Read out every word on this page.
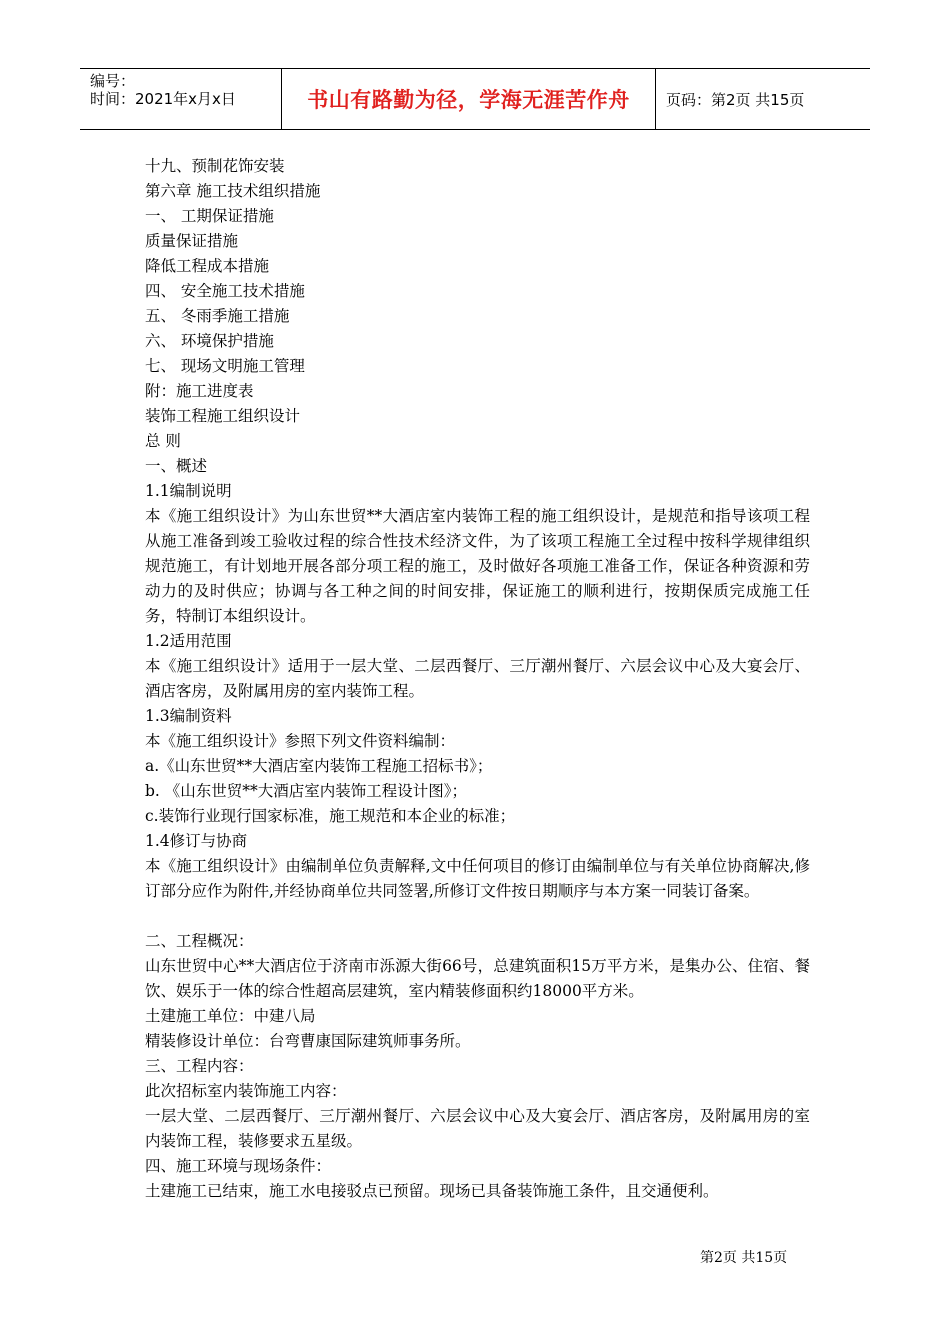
编号：
时间：2021年x月x日	书山有路勤为径，学海无涯苦作舟	页码：第2页 共15页

十九、预制花饰安装

第六章 施工技术组织措施

一、 工期保证措施

质量保证措施

降低工程成本措施

四、 安全施工技术措施

五、 冬雨季施工措施

六、 环境保护措施

七、 现场文明施工管理

附：施工进度表

装饰工程施工组织设计

总 则

一、概述

1.1编制说明

本《施工组织设计》为山东世贸**大酒店室内装饰工程的施工组织设计，是规范和指导该项工程从施工准备到竣工验收过程的综合性技术经济文件，为了该项工程施工全过程中按科学规律组织规范施工，有计划地开展各部分项工程的施工，及时做好各项施工准备工作，保证各种资源和劳动力的及时供应；协调与各工种之间的时间安排，保证施工的顺利进行，按期保质完成施工任务，特制订本组织设计。

1.2适用范围

本《施工组织设计》适用于一层大堂、二层西餐厅、三厅潮州餐厅、六层会议中心及大宴会厅、酒店客房，及附属用房的室内装饰工程。

1.3编制资料

本《施工组织设计》参照下列文件资料编制：

a.《山东世贸**大酒店室内装饰工程施工招标书》；

b. 《山东世贸**大酒店室内装饰工程设计图》；

c.装饰行业现行国家标准，施工规范和本企业的标准；

1.4修订与协商

本《施工组织设计》由编制单位负责解释,文中任何项目的修订由编制单位与有关单位协商解决,修订部分应作为附件,并经协商单位共同签署,所修订文件按日期顺序与本方案一同装订备案。

二、工程概况：

山东世贸中心**大酒店位于济南市泺源大街66号，总建筑面积15万平方米，是集办公、住宿、餐饮、娱乐于一体的综合性超高层建筑，室内精装修面积约18000平方米。

土建施工单位：中建八局

精装修设计单位：台弯曹康国际建筑师事务所。

三、工程内容：

此次招标室内装饰施工内容：

一层大堂、二层西餐厅、三厅潮州餐厅、六层会议中心及大宴会厅、酒店客房，及附属用房的室内装饰工程，装修要求五星级。

四、施工环境与现场条件：

土建施工已结束，施工水电接驳点已预留。现场已具备装饰施工条件，且交通便利。

第2页 共15页
